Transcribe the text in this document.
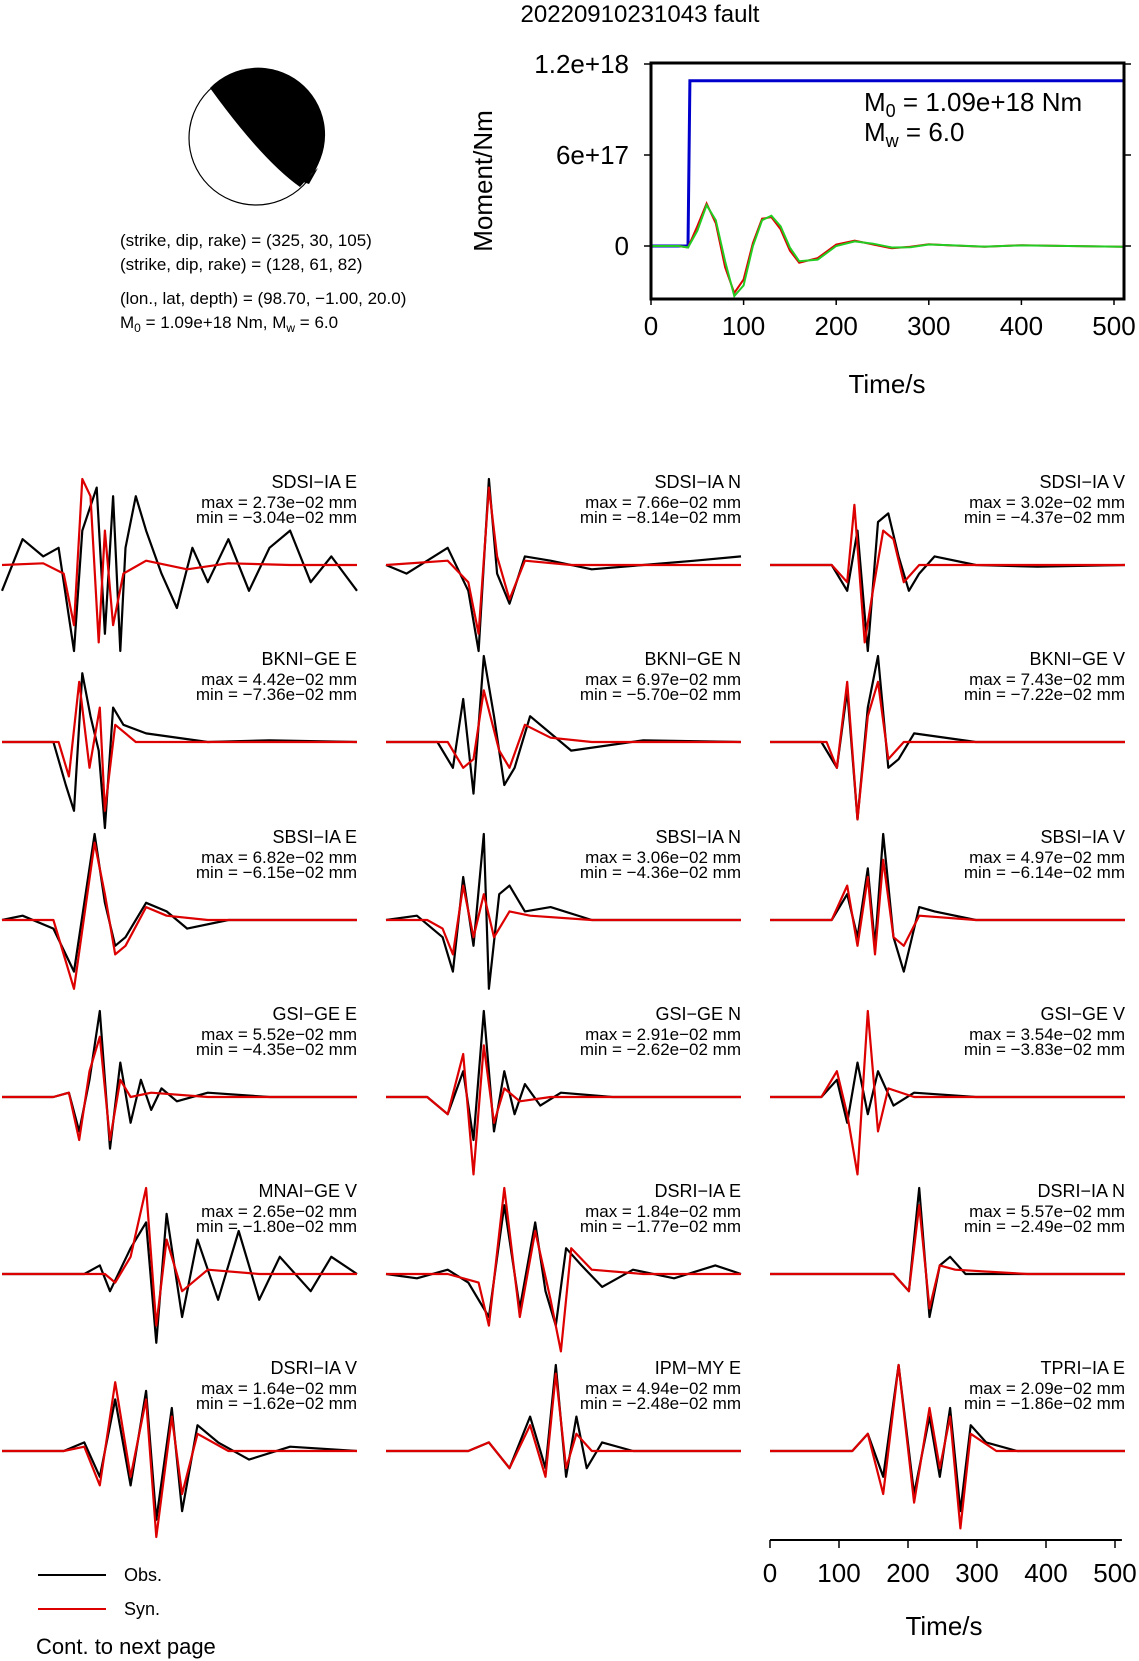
20220910231043 fault
(strike, dip, rake) = (325, 30, 105)
(strike, dip, rake) = (128, 61, 82)
(lon., lat, depth) = (98.70, −1.00, 20.0)
$M_0 = 1.09e+18$ Nm, $M_w = 6.0$	0 100 200 300 400 500
1.2e+18
6e+17
0
Moment/Nm
Time/s
$M_0 = 1.09e+18$ Nm
$M_w = 6.0$
SDSI−IA E
max = 2.73e−02 mm
min = −3.04e−02 mm
SDSI−IA N
max = 7.66e−02 mm
min = −8.14e−02 mm
SDSI−IA V
max = 3.02e−02 mm
min = −4.37e−02 mm
BKNI−GE E
max = 4.42e−02 mm
min = −7.36e−02 mm
BKNI−GE N
max = 6.97e−02 mm
min = −5.70e−02 mm
BKNI−GE V
max = 7.43e−02 mm
min = −7.22e−02 mm
SBSI−IA E
max = 6.82e−02 mm
min = −6.15e−02 mm
SBSI−IA N
max = 3.06e−02 mm
min = −4.36e−02 mm
SBSI−IA V
max = 4.97e−02 mm
min = −6.14e−02 mm
GSI−GE E
max = 5.52e−02 mm
min = −4.35e−02 mm
GSI−GE N
max = 2.91e−02 mm
min = −2.62e−02 mm
GSI−GE V
max = 3.54e−02 mm
min = −3.83e−02 mm
MNAI−GE V
max = 2.65e−02 mm
min = −1.80e−02 mm
DSRI−IA E
max = 1.84e−02 mm
min = −1.77e−02 mm
DSRI−IA N
max = 5.57e−02 mm
min = −2.49e−02 mm
DSRI−IA V
max = 1.64e−02 mm
min = −1.62e−02 mm
IPM−MY E
max = 4.94e−02 mm
min = −2.48e−02 mm
TPRI−IA E
max = 2.09e−02 mm
min = −1.86e−02 mm
0 100 200 300 400 500
Time/s
Obs.
Syn.
Cont. to next page
